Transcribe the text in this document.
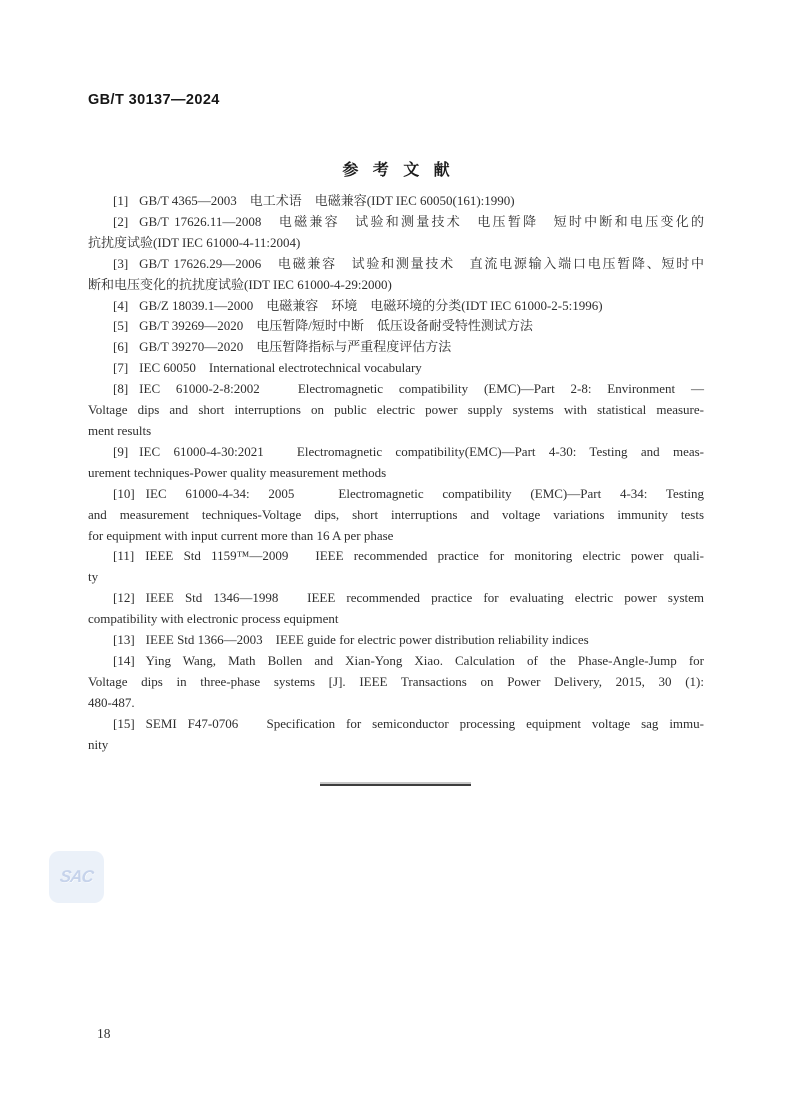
GB/T 30137—2024
参考文献
[1] GB/T 4365—2003　电工术语　电磁兼容(IDT IEC 60050(161):1990)
[2] GB/T 17626.11—2008　电磁兼容　试验和测量技术　电压暂降　短时中断和电压变化的
抗扰度试验(IDT IEC 61000-4-11:2004)
[3] GB/T 17626.29—2006　电磁兼容　试验和测量技术　直流电源输入端口电压暂降、短时中
断和电压变化的抗扰度试验(IDT IEC 61000-4-29:2000)
[4] GB/Z 18039.1—2000　电磁兼容　环境　电磁环境的分类(IDT IEC 61000-2-5:1996)
[5] GB/T 39269—2020　电压暂降/短时中断　低压设备耐受特性测试方法
[6] GB/T 39270—2020　电压暂降指标与严重程度评估方法
[7] IEC 60050　International electrotechnical vocabulary
[8] IEC 61000-2-8:2002　Electromagnetic compatibility (EMC)—Part 2-8: Environment —
Voltage dips and short interruptions on public electric power supply systems with statistical measure-
ment results
[9] IEC 61000-4-30:2021　Electromagnetic compatibility(EMC)—Part 4-30: Testing and meas-
urement techniques-Power quality measurement methods
[10] IEC 61000-4-34: 2005　Electromagnetic compatibility (EMC)—Part 4-34: Testing
and measurement techniques-Voltage dips, short interruptions and voltage variations immunity tests
for equipment with input current more than 16 A per phase
[11] IEEE Std 1159™—2009　IEEE recommended practice for monitoring electric power quali-
ty
[12] IEEE Std 1346—1998　IEEE recommended practice for evaluating electric power system
compatibility with electronic process equipment
[13] IEEE Std 1366—2003　IEEE guide for electric power distribution reliability indices
[14] Ying Wang, Math Bollen and Xian-Yong Xiao. Calculation of the Phase-Angle-Jump for
Voltage dips in three-phase systems [J]. IEEE Transactions on Power Delivery, 2015, 30 (1):
480-487.
[15] SEMI F47-0706　Specification for semiconductor processing equipment voltage sag immu-
nity
SAC
18
